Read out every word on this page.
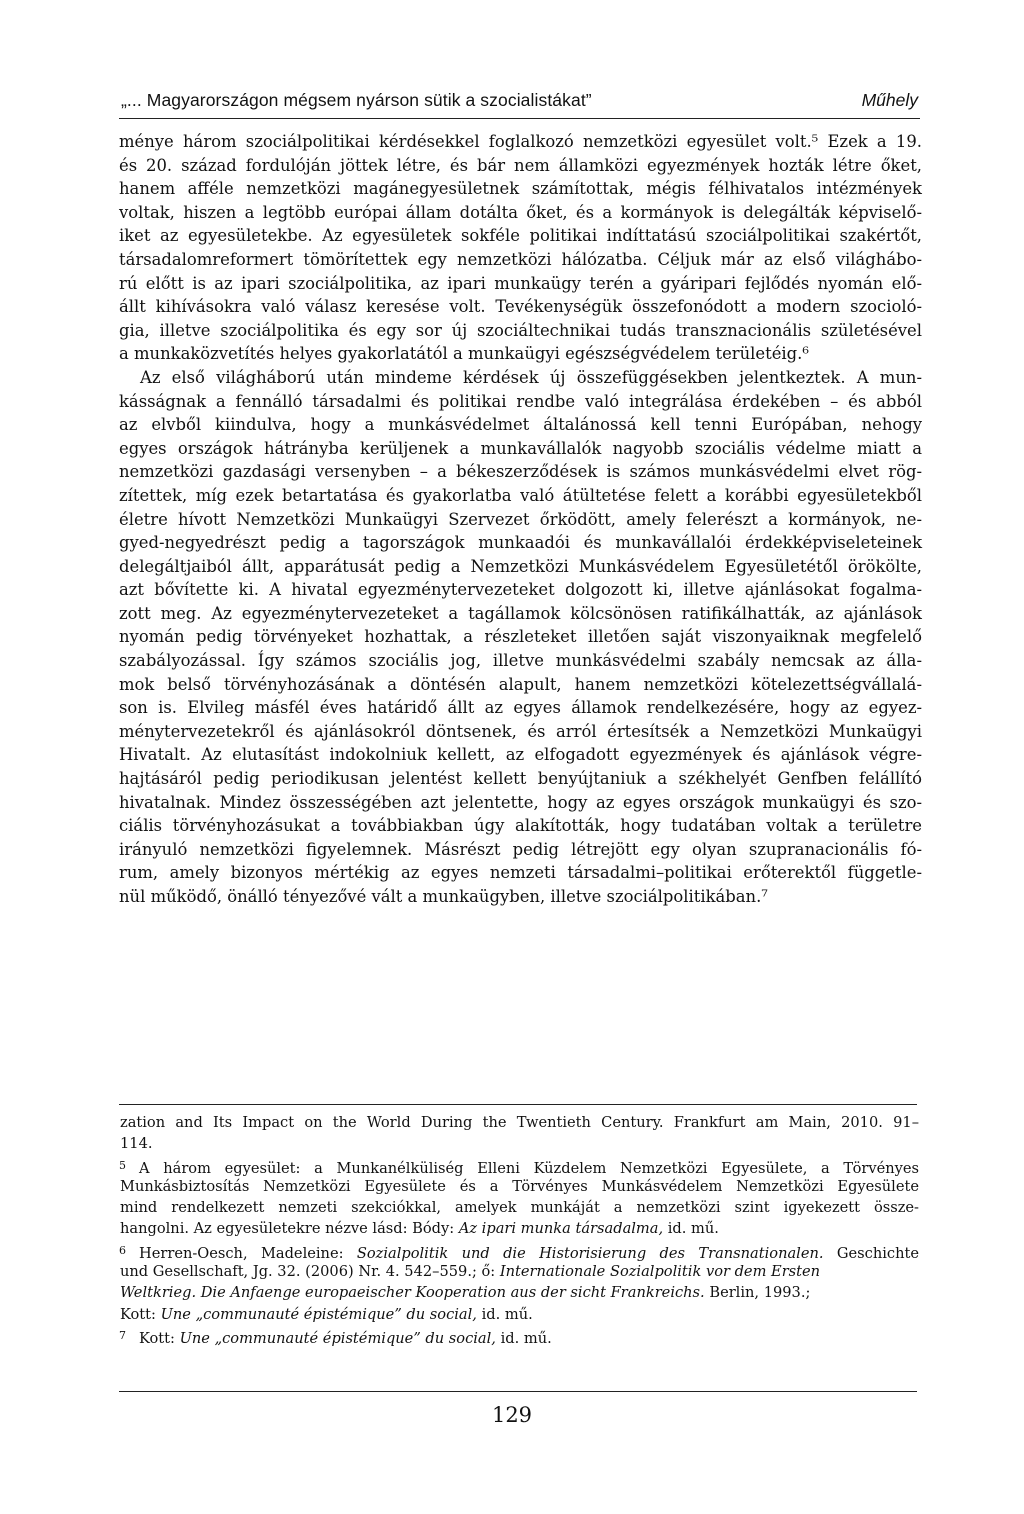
„... Magyarországon mégsem nyárson sütik a szocialistákat”	Műhely
ménye három szociálpolitikai kérdésekkel foglalkozó nemzetközi egyesület volt.⁵ Ezek a 19.
és 20. század fordulóján jöttek létre, és bár nem államközi egyezmények hozták létre őket,
hanem afféle nemzetközi magánegyesületnek számítottak, mégis félhivatalos intézmények
voltak, hiszen a legtöbb európai állam dotálta őket, és a kormányok is delegálták képviselő-
iket az egyesületekbe. Az egyesületek sokféle politikai indíttatású szociálpolitikai szakértőt,
társadalomreformert tömörítettek egy nemzetközi hálózatba. Céljuk már az első világhábo-
rú előtt is az ipari szociálpolitika, az ipari munkaügy terén a gyáripari fejlődés nyomán elő-
állt kihívásokra való válasz keresése volt. Tevékenységük összefonódott a modern szocioló-
gia, illetve szociálpolitika és egy sor új szociáltechnikai tudás transznacionális születésével
a munkaközvetítés helyes gyakorlatától a munkaügyi egészségvédelem területéig.⁶
Az első világháború után mindeme kérdések új összefüggésekben jelentkeztek. A mun-
kásságnak a fennálló társadalmi és politikai rendbe való integrálása érdekében – és abból
az elvből kiindulva, hogy a munkásvédelmet általánossá kell tenni Európában, nehogy
egyes országok hátrányba kerüljenek a munkavállalók nagyobb szociális védelme miatt a
nemzetközi gazdasági versenyben – a békeszerződések is számos munkásvédelmi elvet rög-
zítettek, míg ezek betartatása és gyakorlatba való átültetése felett a korábbi egyesületekből
életre hívott Nemzetközi Munkaügyi Szervezet őrködött, amely felerészt a kormányok, ne-
gyed-negyedrészt pedig a tagországok munkaadói és munkavállalói érdekképviseleteinek
delegáltjaiból állt, apparátusát pedig a Nemzetközi Munkásvédelem Egyesületétől örökölte,
azt bővítette ki. A hivatal egyezménytervezeteket dolgozott ki, illetve ajánlásokat fogalma-
zott meg. Az egyezménytervezeteket a tagállamok kölcsönösen ratifikálhatták, az ajánlások
nyomán pedig törvényeket hozhattak, a részleteket illetően saját viszonyaiknak megfelelő
szabályozással. Így számos szociális jog, illetve munkásvédelmi szabály nemcsak az álla-
mok belső törvényhozásának a döntésén alapult, hanem nemzetközi kötelezettségvállalá-
son is. Elvileg másfél éves határidő állt az egyes államok rendelkezésére, hogy az egyez-
ménytervezetekről és ajánlásokról döntsenek, és arról értesítsék a Nemzetközi Munkaügyi
Hivatalt. Az elutasítást indokolniuk kellett, az elfogadott egyezmények és ajánlások végre-
hajtásáról pedig periodikusan jelentést kellett benyújtaniuk a székhelyét Genfben felállító
hivatalnak. Mindez összességében azt jelentette, hogy az egyes országok munkaügyi és szo-
ciális törvényhozásukat a továbbiakban úgy alakították, hogy tudatában voltak a területre
irányuló nemzetközi figyelemnek. Másrészt pedig létrejött egy olyan szupranacionális fó-
rum, amely bizonyos mértékig az egyes nemzeti társadalmi–politikai erőterektől függetle-
nül működő, önálló tényezővé vált a munkaügyben, illetve szociálpolitikában.⁷
zation and Its Impact on the World During the Twentieth Century. Frankfurt am Main, 2010. 91–
114.
5 A három egyesület: a Munkanélküliség Elleni Küzdelem Nemzetközi Egyesülete, a Törvényes
Munkásbiztosítás Nemzetközi Egyesülete és a Törvényes Munkásvédelem Nemzetközi Egyesülete
mind rendelkezett nemzeti szekciókkal, amelyek munkáját a nemzetközi szint igyekezett össze-
hangolni. Az egyesületekre nézve lásd: Bódy: Az ipari munka társadalma, id. mű.
6 Herren-Oesch, Madeleine: Sozialpolitik und die Historisierung des Transnationalen. Geschichte
und Gesellschaft, Jg. 32. (2006) Nr. 4. 542–559.; ő: Internationale Sozialpolitik vor dem Ersten
Weltkrieg. Die Anfaenge europaeischer Kooperation aus der sicht Frankreichs. Berlin, 1993.;
Kott: Une „communauté épistémique” du social, id. mű.
7 Kott: Une „communauté épistémique” du social, id. mű.
129
